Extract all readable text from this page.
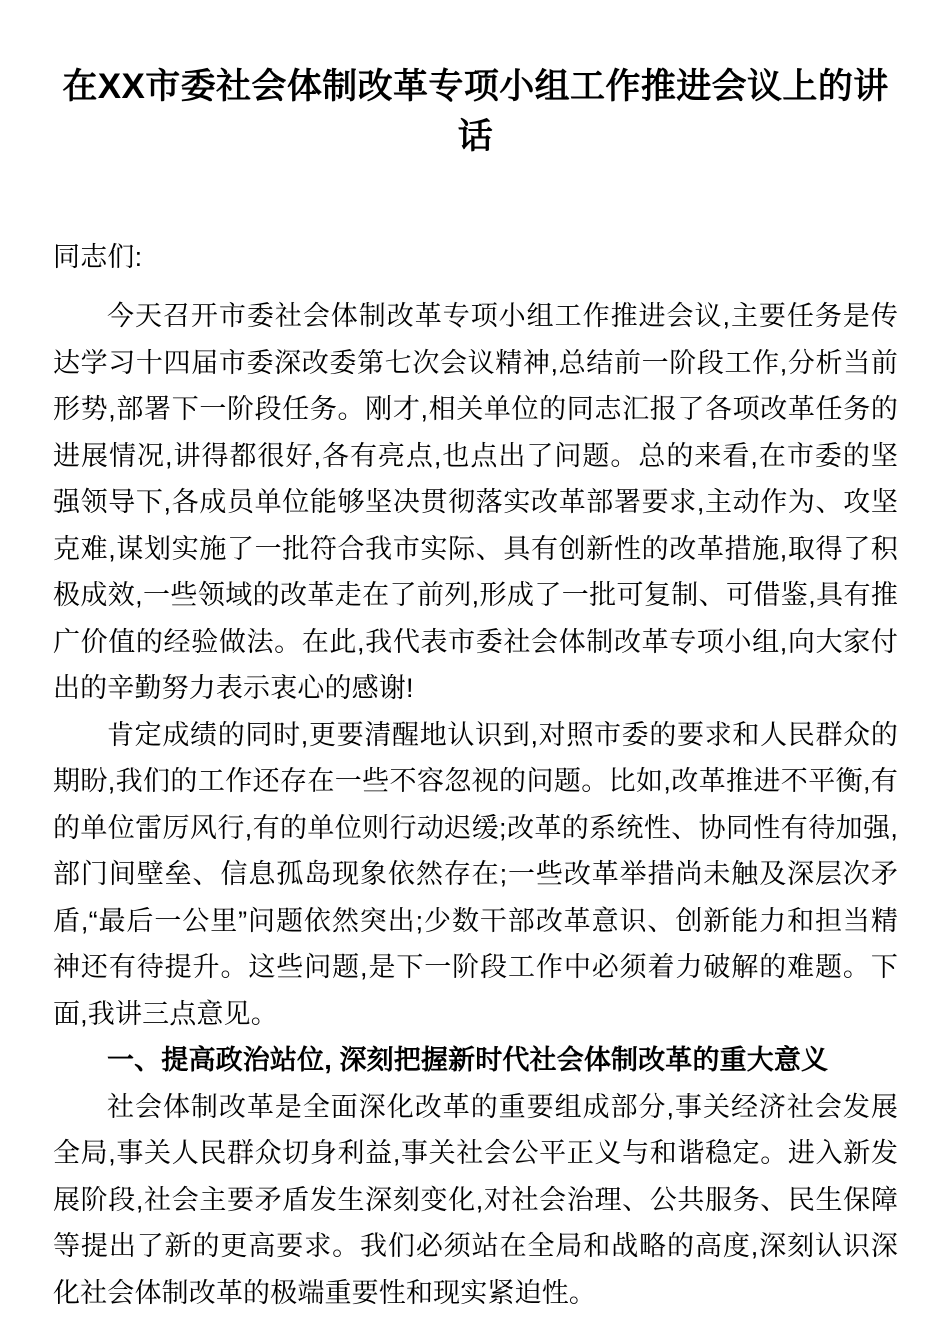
在XX市委社会体制改革专项小组工作推进会议上的讲话

同志们:

今天召开市委社会体制改革专项小组工作推进会议,主要任务是传达学习十四届市委深改委第七次会议精神,总结前一阶段工作,分析当前形势,部署下一阶段任务。刚才,相关单位的同志汇报了各项改革任务的进展情况,讲得都很好,各有亮点,也点出了问题。总的来看,在市委的坚强领导下,各成员单位能够坚决贯彻落实改革部署要求,主动作为、攻坚克难,谋划实施了一批符合我市实际、具有创新性的改革措施,取得了积极成效,一些领域的改革走在了前列,形成了一批可复制、可借鉴,具有推广价值的经验做法。在此,我代表市委社会体制改革专项小组,向大家付出的辛勤努力表示衷心的感谢!

肯定成绩的同时,更要清醒地认识到,对照市委的要求和人民群众的期盼,我们的工作还存在一些不容忽视的问题。比如,改革推进不平衡,有的单位雷厉风行,有的单位则行动迟缓;改革的系统性、协同性有待加强,部门间壁垒、信息孤岛现象依然存在;一些改革举措尚未触及深层次矛盾,“最后一公里”问题依然突出;少数干部改革意识、创新能力和担当精神还有待提升。这些问题,是下一阶段工作中必须着力破解的难题。下面,我讲三点意见。

一、提高政治站位, 深刻把握新时代社会体制改革的重大意义

社会体制改革是全面深化改革的重要组成部分,事关经济社会发展全局,事关人民群众切身利益,事关社会公平正义与和谐稳定。进入新发展阶段,社会主要矛盾发生深刻变化,对社会治理、公共服务、民生保障等提出了新的更高要求。我们必须站在全局和战略的高度,深刻认识深化社会体制改革的极端重要性和现实紧迫性。
